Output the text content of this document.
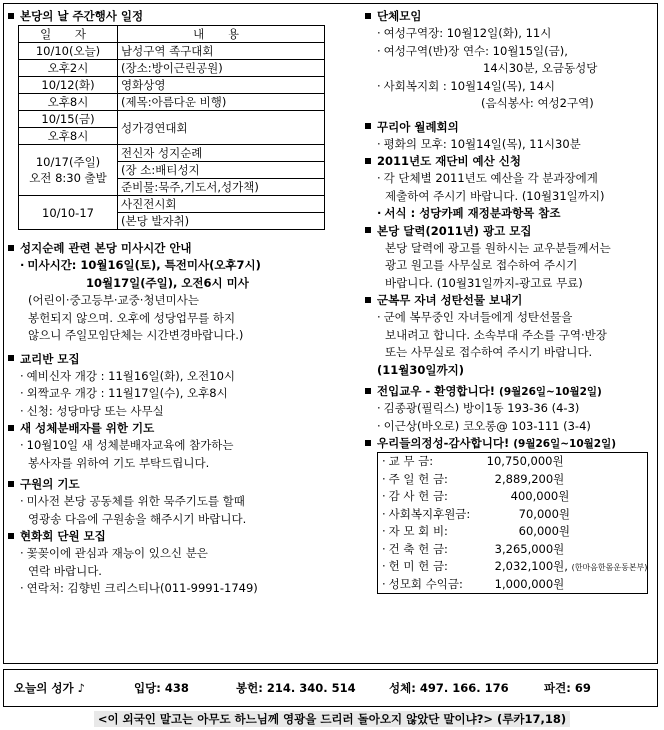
본당의 날 주간행사 일정
일 자	내 용
10/10(오늘)	남성구역 족구대회
오후2시	(장소:방이근린공원)
10/12(화)	영화상영
오후8시	(제목:아름다운 비행)
10/15(금)	성가경연대회
오후8시	

10/17(주일)
오전 8:30 출발	전신자 성지순례
	(장 소:배티성지
	준비물:묵주,기도서,성가책)
10/10-17	사진전시회
	(본당 발자취)
성지순례 관련 본당 미사시간 안내
· 미사시간: 10월16일(토), 특전미사(오후7시)
10월17일(주일), 오전6시 미사
(어린이·중고등부·교중·청년미사는
봉헌되지 않으며. 오후에 성당업무를 하지
않으니 주일모임단체는 시간변경바랍니다.)
교리반 모집
· 예비신자 개강 : 11월16일(화), 오전10시
· 외짝교우 개강 : 11월17일(수), 오후8시
· 신청: 성당마당 또는 사무실
새 성체분배자를 위한 기도
· 10월10일 새 성체분배자교육에 참가하는
봉사자를 위하여 기도 부탁드립니다.
구원의 기도
· 미사전 본당 공동체를 위한 묵주기도를 할때
영광송 다음에 구원송을 해주시기 바랍니다.
현화회 단원 모집
· 꽃꽂이에 관심과 재능이 있으신 분은
연락 바랍니다.
· 연락처: 김향빈 크리스티나(011-9991-1749)
단체모임
· 여성구역장: 10월12일(화), 11시
· 여성구역(반)장 연수: 10월15일(금),
14시30분, 오금동성당
· 사회복지회 : 10월14일(목), 14시
(음식봉사: 여성2구역)
꾸리아 월례회의
· 평화의 모후: 10월14일(목), 11시30분
2011년도 재단비 예산 신청
· 각 단체별 2011년도 예산을 각 분과장에게
제출하여 주시기 바랍니다. (10월31일까지)
· 서식 : 성당카페 재정분과항목 참조
본당 달력(2011년) 광고 모집
본당 달력에 광고를 원하시는 교우분들께서는
광고 원고를 사무실로 접수하여 주시기
바랍니다. (10월31일까지-광고료 무료)
군복무 자녀 성탄선물 보내기
· 군에 복무중인 자녀들에게 성탄선물을
보내려고 합니다. 소속부대 주소를 구역·반장
또는 사무실로 접수하여 주시기 바랍니다.
(11월30일까지)
전입교우 - 환영합니다! (9월26일~10월2일)
· 김종광(필릭스) 방이1동 193-36 (4-3)
· 이근상(바오로) 코오롱@ 103-111 (3-4)
우리들의정성-감사합니다! (9월26일~10월2일)
· 교 무 금:	10,750,000원
· 주 일 헌 금:	2,889,200원
· 감 사 헌 금:	400,000원
· 사회복지후원금:	70,000원
· 자 모 회 비:	60,000원
· 건 축 헌 금:	3,265,000원
· 헌 미 헌 금:	2,032,100원, (한마음한몸운동본부)
· 성모회 수익금:	1,000,000원
오늘의 성가 ♪	입당: 438	봉헌: 214. 340. 514	성체: 497. 166. 176	파견: 69
<이 외국인 말고는 아무도 하느님께 영광을 드리러 돌아오지 않았단 말이냐?> (루카17,18)
